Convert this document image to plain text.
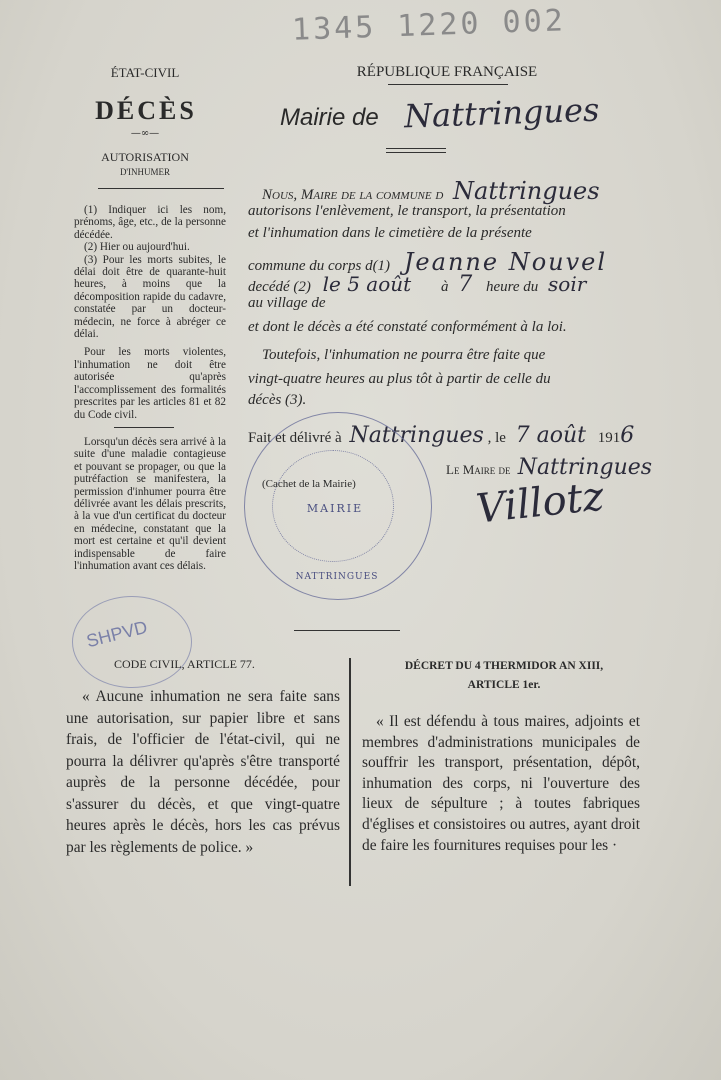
1345 1220 002
ÉTAT-CIVIL
DÉCÈS
—∞—
AUTORISATION
D'INHUMER

(1) Indiquer ici les nom, prénoms, âge, etc., de la personne décédée.

(2) Hier ou aujourd'hui.

(3) Pour les morts subites, le délai doit être de quarante-huit heures, à moins que la décomposition rapide du cadavre, constatée par un docteur-médecin, ne force à abréger ce délai.

Pour les morts violentes, l'inhumation ne doit être autorisée qu'après l'accomplissement des formalités prescrites par les articles 81 et 82 du Code civil.

Lorsqu'un décès sera arrivé à la suite d'une maladie contagieuse et pouvant se propager, ou que la putréfaction se manifestera, la permission d'inhumer pourra être délivrée avant les délais prescrits, à la vue d'un certificat du docteur en médecine, constatant que la mort est certaine et qu'il devient indispensable de faire l'inhumation avant ces délais.

RÉPUBLIQUE FRANÇAISE
Mairie de Nattringues
Nous, Maire de la commune d Nattringues
autorisons l'enlèvement, le transport, la présentation
et l'inhumation dans le cimetière de la présente
commune du corps d(1) Jeanne Nouvel
decédé (2) le 5 août à 7 heure du soir
au village de
et dont le décès a été constaté conformément à la loi.
Toutefois, l'inhumation ne pourra être faite que
vingt-quatre heures au plus tôt à partir de celle du
décès (3).
Fait et délivré à Nattringues , le 7 août 1916
Le Maire de Nattringues
Villotz
(Cachet de la Mairie)
MAIRIE
NATTRINGUES
SHPVD
CODE CIVIL, ARTICLE 77.

« Aucune inhumation ne sera faite sans une autorisation, sur papier libre et sans frais, de l'officier de l'état-civil, qui ne pourra la délivrer qu'après s'être transporté auprès de la personne décédée, pour s'assurer du décès, et que vingt-quatre heures après le décès, hors les cas prévus par les règlements de police. »

DÉCRET DU 4 THERMIDOR AN XIII,
ARTICLE 1er.

« Il est défendu à tous maires, adjoints et membres d'administrations municipales de souffrir les transport, présentation, dépôt, inhumation des corps, ni l'ouverture des lieux de sépulture ; à toutes fabriques d'églises et consistoires ou autres, ayant droit de faire les fournitures requises pour les ·
